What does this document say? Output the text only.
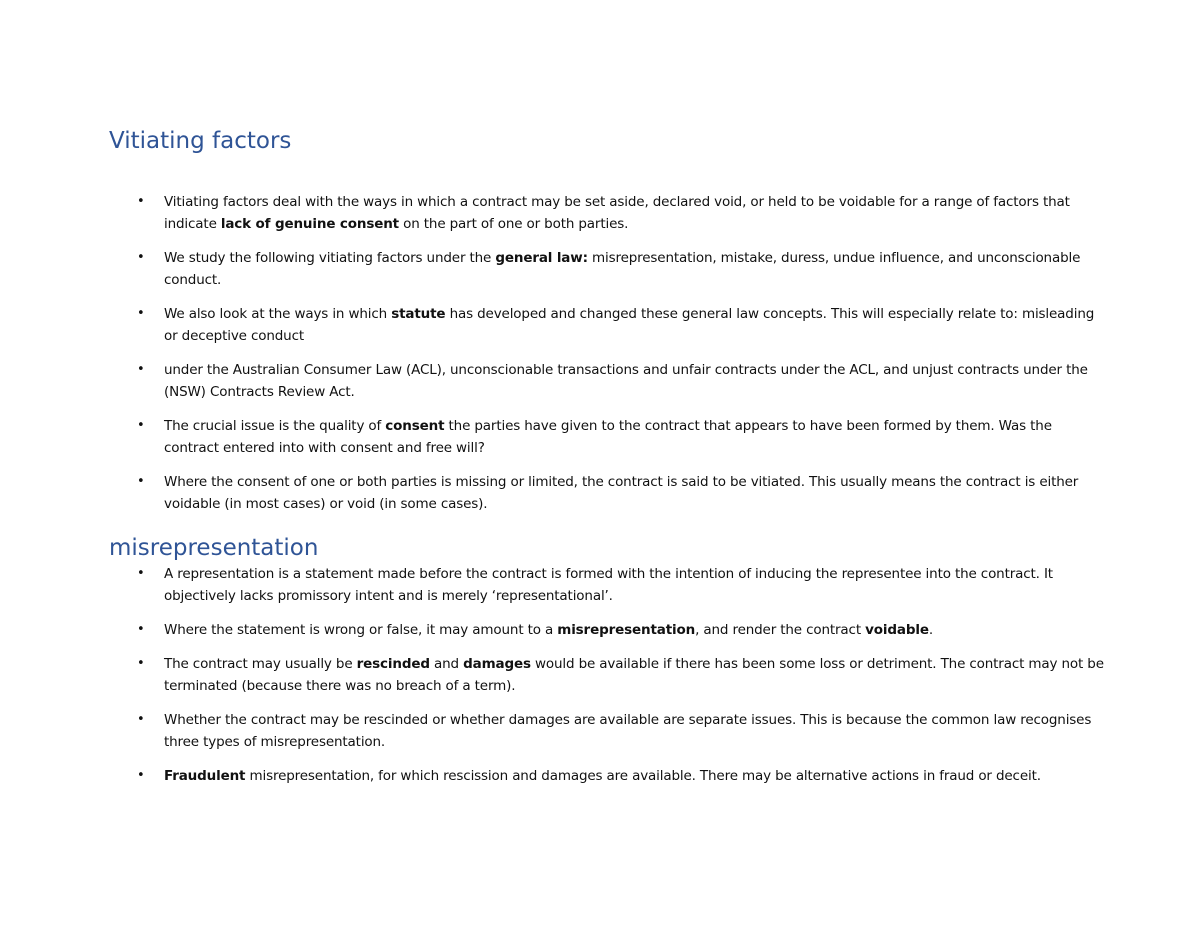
Vitiating factors
• Vitiating factors deal with the ways in which a contract may be set aside, declared void, or held to be voidable for a range of factors that indicate lack of genuine consent on the part of one or both parties.
• We study the following vitiating factors under the general law: misrepresentation, mistake, duress, undue influence, and unconscionable conduct.
• We also look at the ways in which statute has developed and changed these general law concepts. This will especially relate to: misleading or deceptive conduct
• under the Australian Consumer Law (ACL), unconscionable transactions and unfair contracts under the ACL, and unjust contracts under the (NSW) Contracts Review Act.
• The crucial issue is the quality of consent the parties have given to the contract that appears to have been formed by them. Was the contract entered into with consent and free will?
• Where the consent of one or both parties is missing or limited, the contract is said to be vitiated. This usually means the contract is either voidable (in most cases) or void (in some cases).
misrepresentation
• A representation is a statement made before the contract is formed with the intention of inducing the representee into the contract. It objectively lacks promissory intent and is merely ‘representational’.
• Where the statement is wrong or false, it may amount to a misrepresentation, and render the contract voidable.
• The contract may usually be rescinded and damages would be available if there has been some loss or detriment. The contract may not be terminated (because there was no breach of a term).
• Whether the contract may be rescinded or whether damages are available are separate issues. This is because the common law recognises three types of misrepresentation.
• Fraudulent misrepresentation, for which rescission and damages are available. There may be alternative actions in fraud or deceit.
